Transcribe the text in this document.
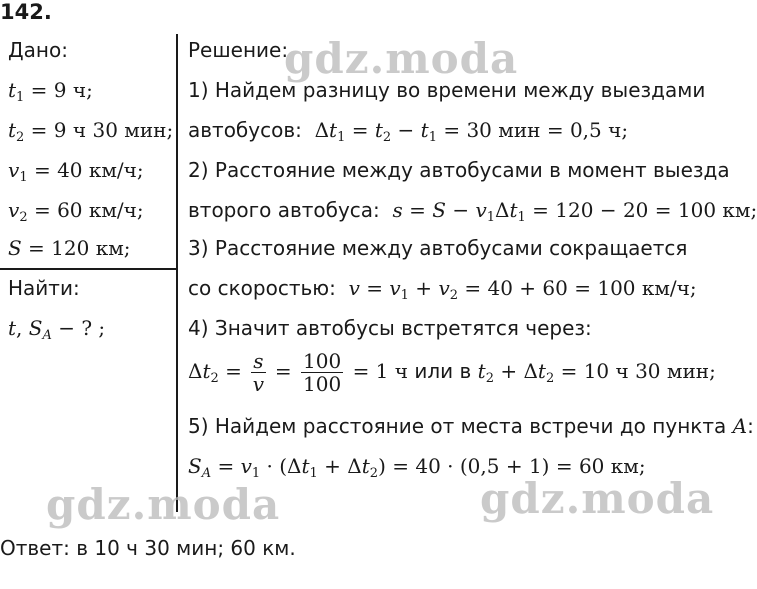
142.
Дано:
$t_1 = 9$ ч;
$t_2 = 9$ ч 30 мин;
$v_1 = 40$ км/ч;
$v_2 = 60$ км/ч;
S = 120 км;
Найти:
t, $S_A$ − ? ;
Решение:
1) Найдем разницу во времени между выездами
автобусов:  $\Delta t_1 = t_2 - t_1 = 30$ мин = 0,5 ч;
2) Расстояние между автобусами в момент выезда
второго автобуса: $s = S - v_1\Delta t_1 = 120 - 20 = 100$ км;
3) Расстояние между автобусами сокращается
со скоростью: $v = v_1 + v_2 = 40 + 60 = 100$ км/ч;
4) Значит автобусы встретятся через:
$\Delta t_2 = \frac{s}{v} = \frac{100}{100} = 1$ ч или в $t_2 + \Delta t_2 = 10$ ч 30 мин;
5) Найдем расстояние от места встречи до пункта A:
$S_A = v_1 \cdot (\Delta t_1 + \Delta t_2) = 40 \cdot (0,5 + 1) = 60$ км;
Ответ: в 10 ч 30 мин; 60 км.
gdz.moda
gdz.moda	gdz.moda
